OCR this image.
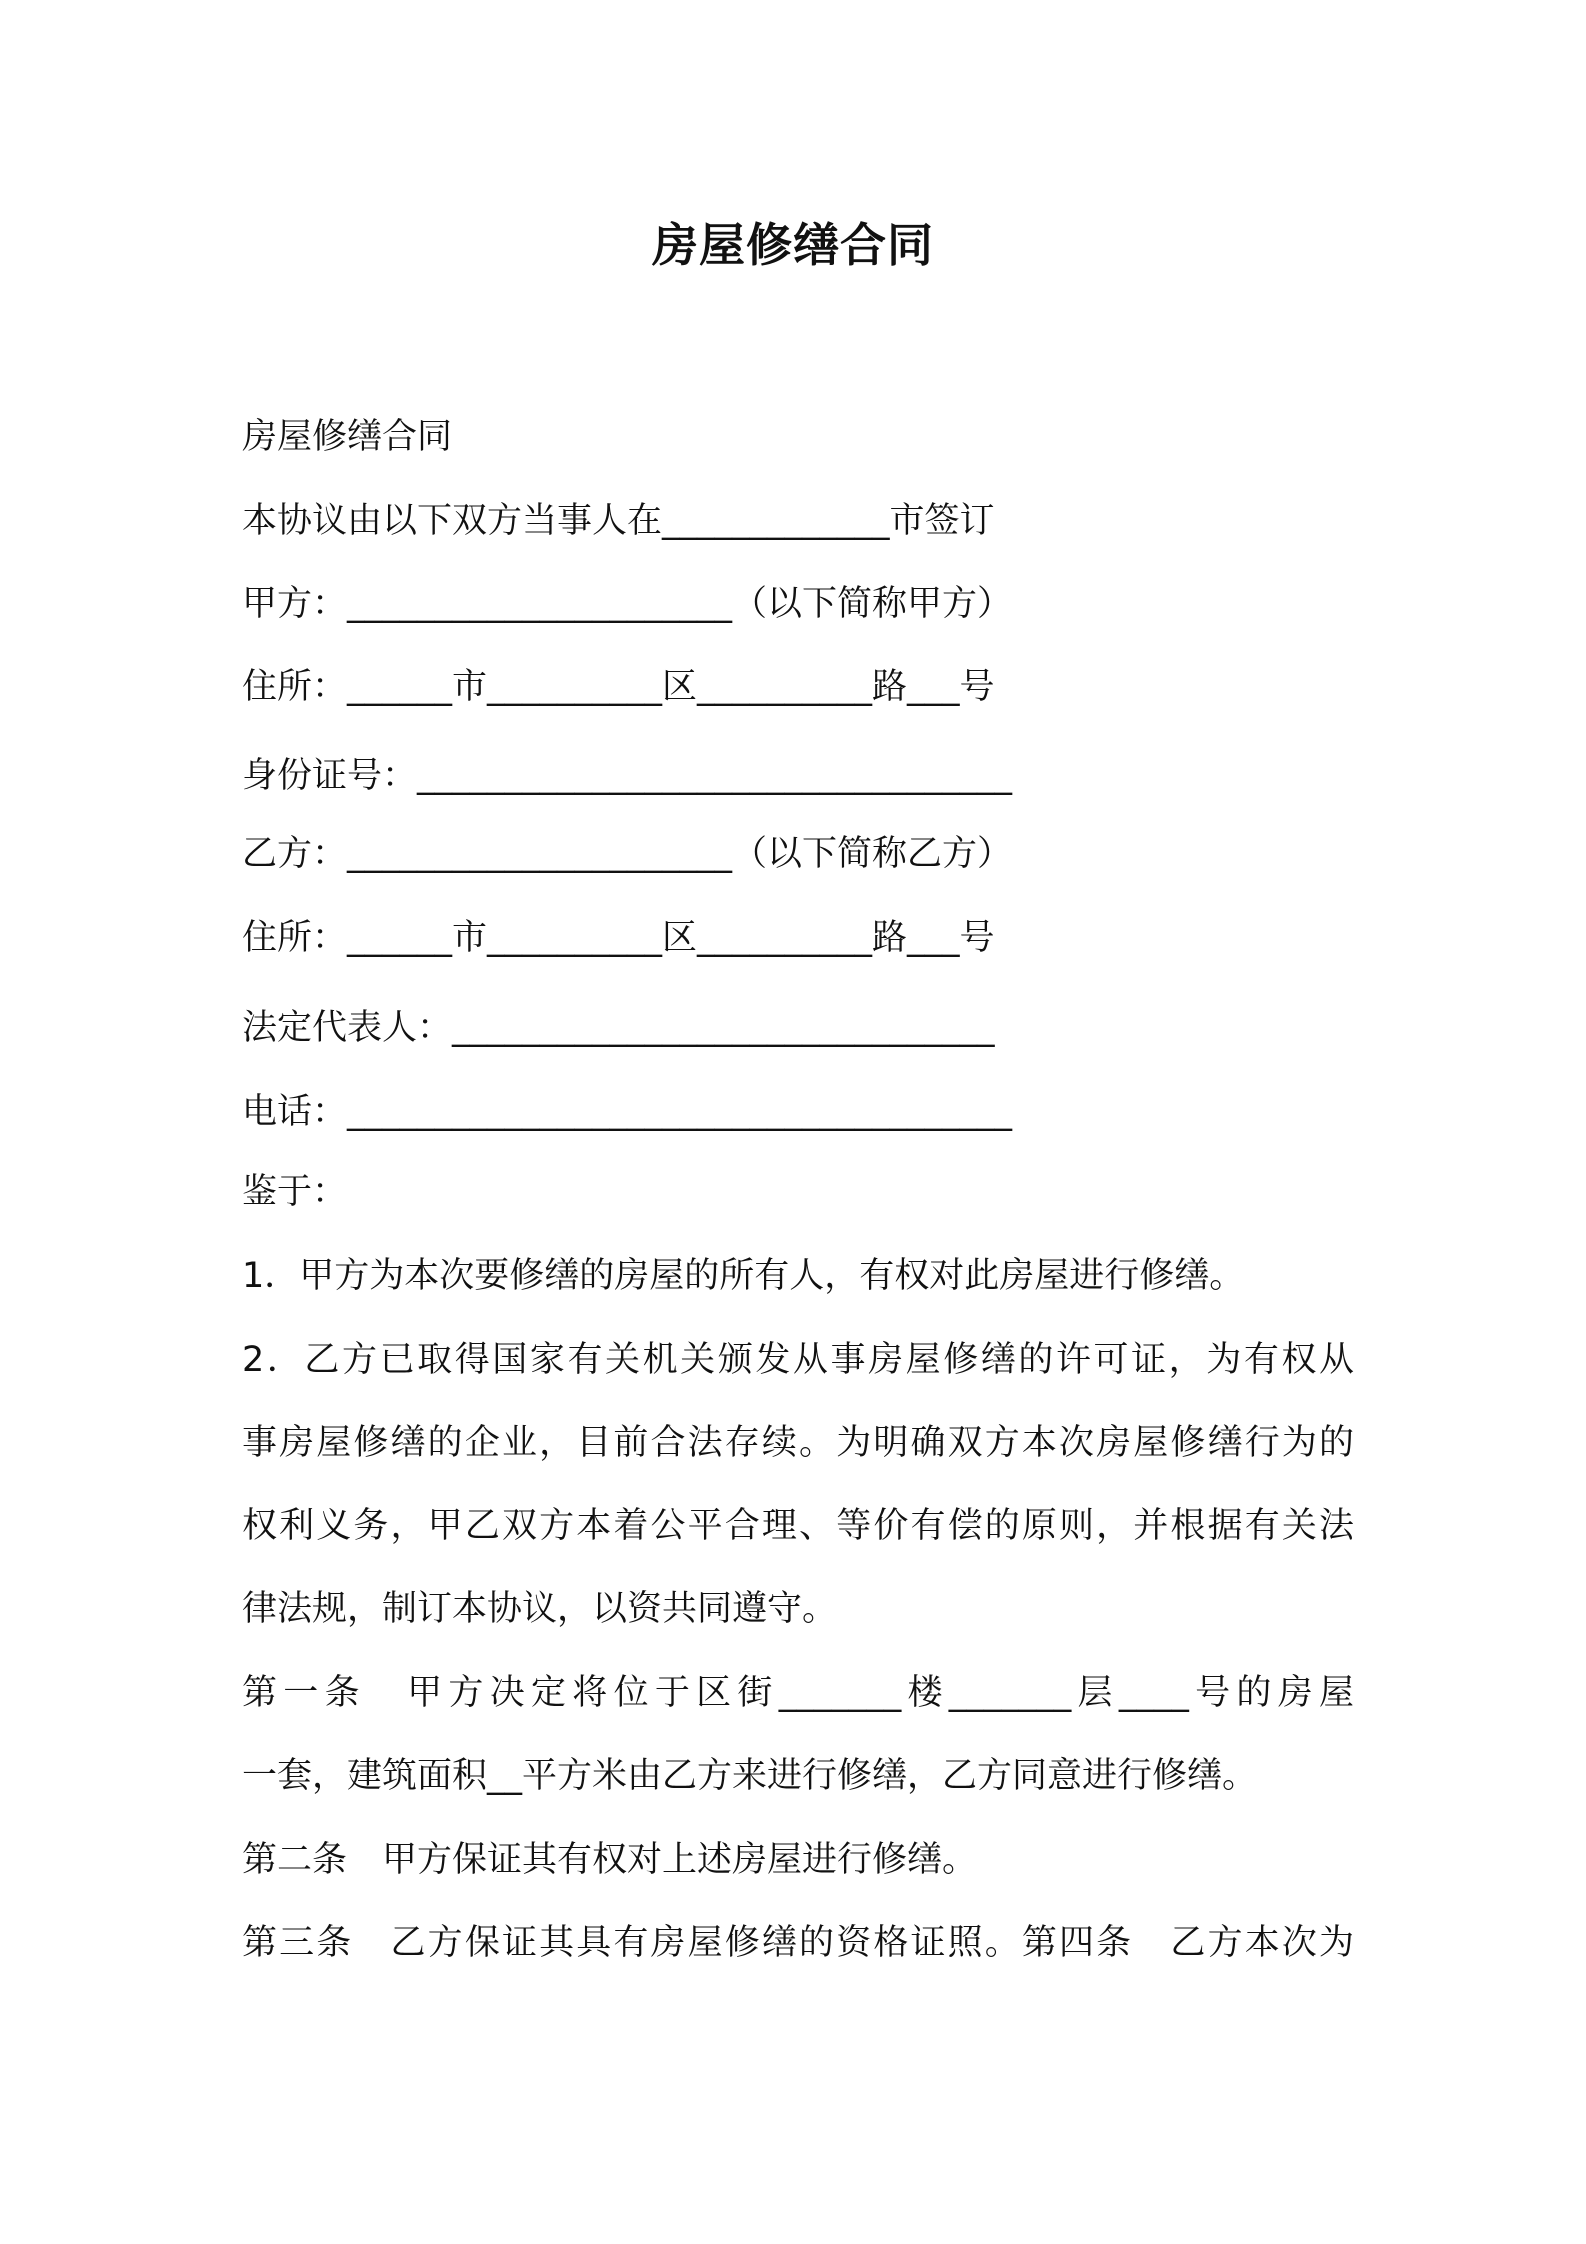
房屋修缮合同
房屋修缮合同
本协议由以下双方当事人在_____________市签订
甲方：______________________（以下简称甲方）
住所：______市__________区__________路___号
身份证号：__________________________________
乙方：______________________（以下简称乙方）
住所：______市__________区__________路___号
法定代表人：_______________________________
电话：______________________________________
鉴于：
1．甲方为本次要修缮的房屋的所有人，有权对此房屋进行修缮。
2．乙方已取得国家有关机关颁发从事房屋修缮的许可证，为有权从
事房屋修缮的企业，目前合法存续。为明确双方本次房屋修缮行为的
权利义务，甲乙双方本着公平合理、等价有偿的原则，并根据有关法
律法规，制订本协议，以资共同遵守。
第一条　甲方决定将位于区街_______楼_______层____号的房屋
一套，建筑面积__平方米由乙方来进行修缮，乙方同意进行修缮。
第二条　甲方保证其有权对上述房屋进行修缮。
第三条　乙方保证其具有房屋修缮的资格证照。第四条　乙方本次为
